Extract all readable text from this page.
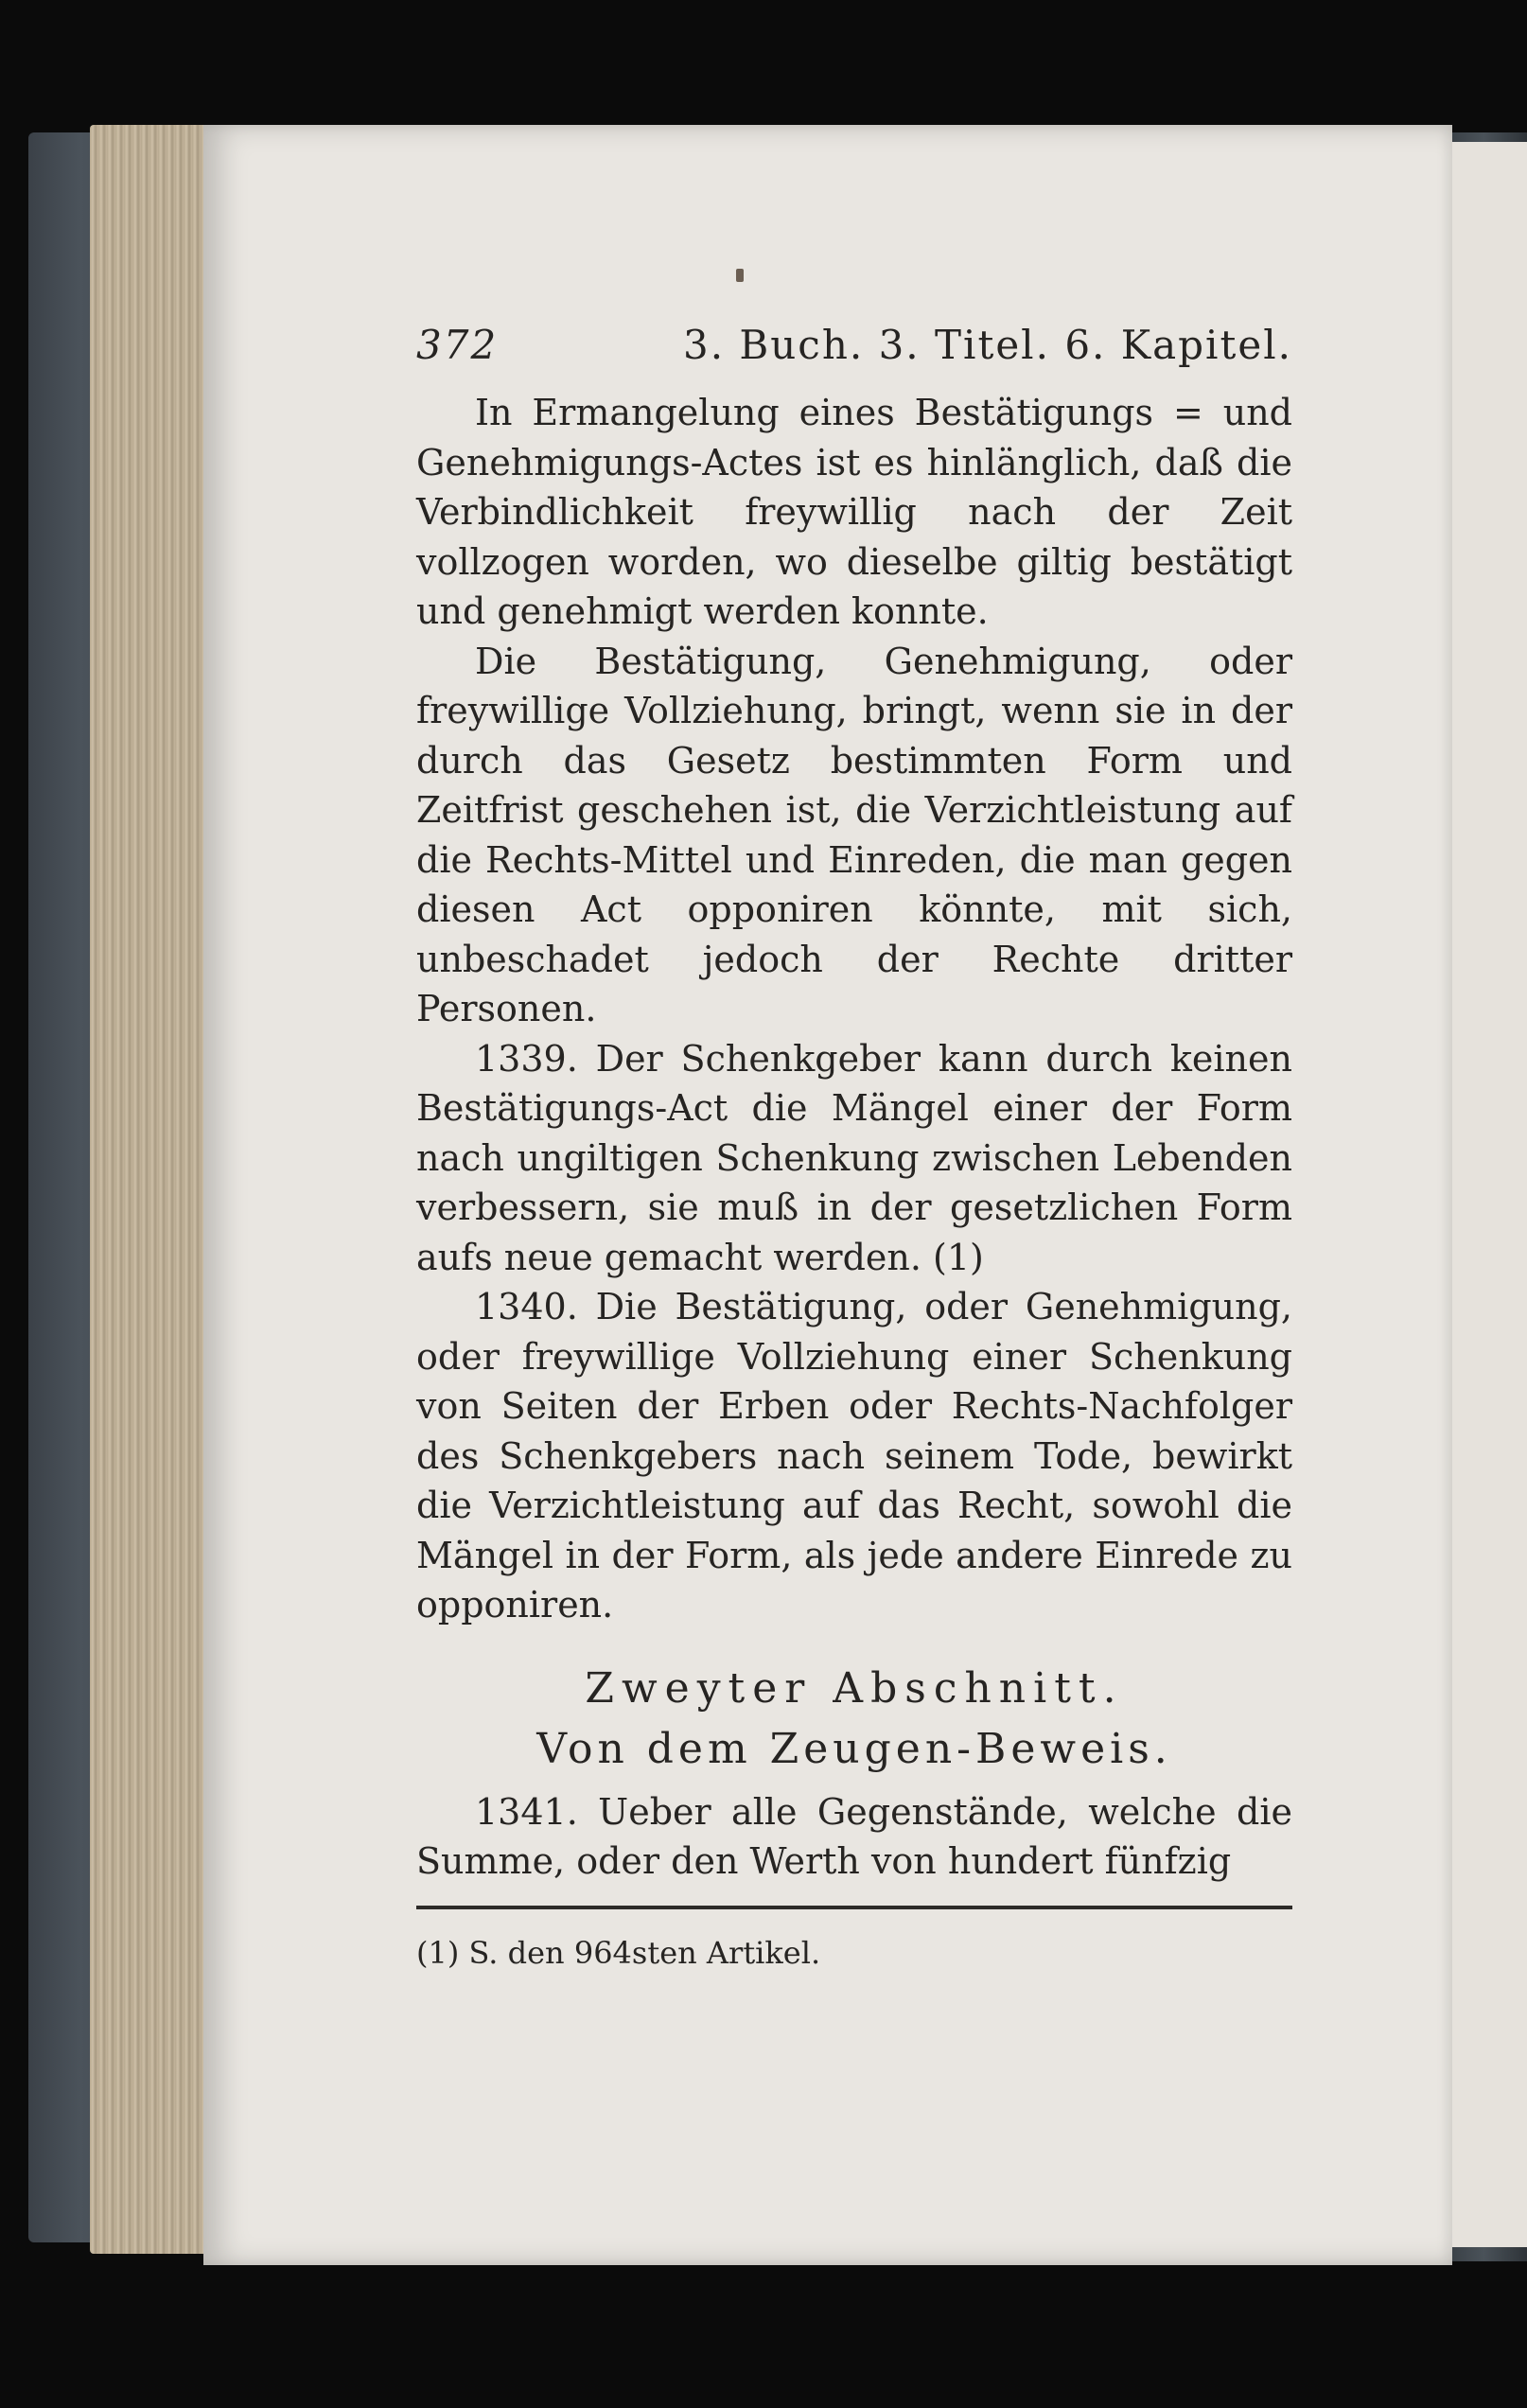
372	3. Buch. 3. Titel. 6. Kapitel.

In Ermangelung eines Bestätigungs = und Genehmigungs-Actes ist es hinlänglich, daß die Verbindlichkeit freywillig nach der Zeit vollzogen worden, wo dieselbe giltig bestätigt und genehmigt werden konnte.

Die Bestätigung, Genehmigung, oder freywillige Vollziehung, bringt, wenn sie in der durch das Gesetz bestimmten Form und Zeitfrist geschehen ist, die Verzichtleistung auf die Rechts-Mittel und Einreden, die man gegen diesen Act opponiren könnte, mit sich, unbeschadet jedoch der Rechte dritter Personen.

1339. Der Schenkgeber kann durch keinen Bestätigungs-Act die Mängel einer der Form nach ungiltigen Schenkung zwischen Lebenden verbessern, sie muß in der gesetzlichen Form aufs neue gemacht werden. (1)

1340. Die Bestätigung, oder Genehmigung, oder freywillige Vollziehung einer Schenkung von Seiten der Erben oder Rechts-Nachfolger des Schenkgebers nach seinem Tode, bewirkt die Verzichtleistung auf das Recht, sowohl die Mängel in der Form, als jede andere Einrede zu opponiren.

Zweyter Abschnitt.
Von dem Zeugen-Beweis.

1341. Ueber alle Gegenstände, welche die Summe, oder den Werth von hundert fünfzig

(1) S. den 964sten Artikel.
